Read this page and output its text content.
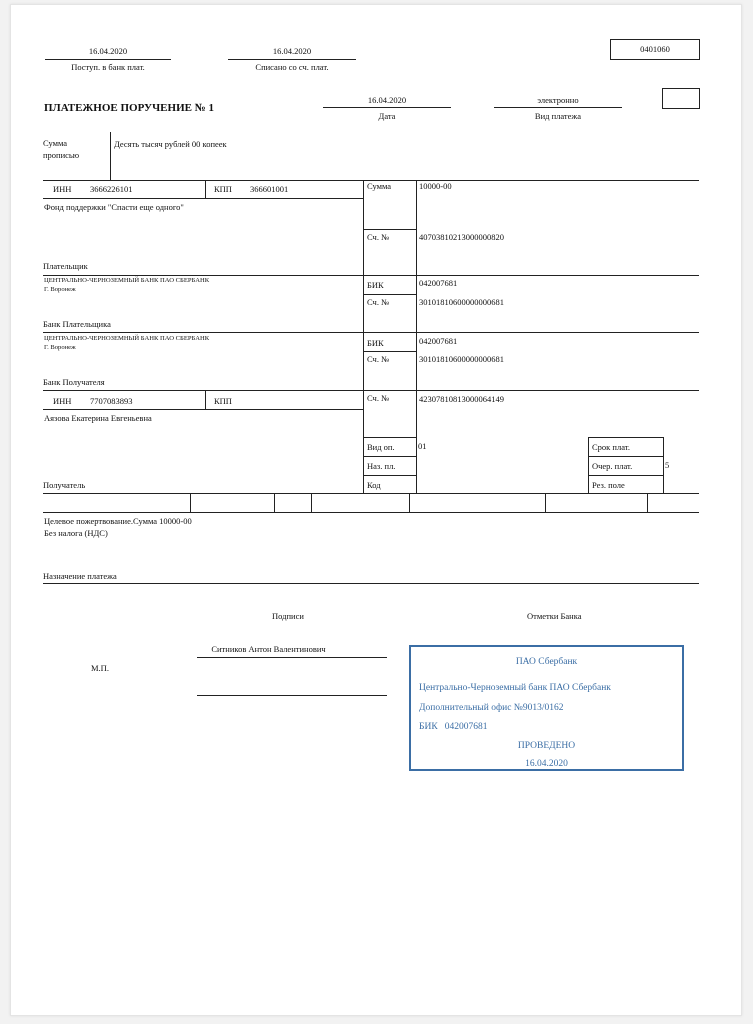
16.04.2020
Поступ. в банк плат.
16.04.2020
Списано со сч. плат.
0401060
ПЛАТЕЖНОЕ ПОРУЧЕНИЕ № 1
16.04.2020
Дата
электронно
Вид платежа
Сумма
прописью
Десять тысяч рублей 00 копеек
ИНН 3666226101	КПП 366601001
Фонд поддержки "Спасти еще одного"
Плательщик
Сумма	10000-00
Сч. №	40703810213000000820
ЦЕНТРАЛЬНО-ЧЕРНОЗЕМНЫЙ БАНК ПАО СБЕРБАНК
Г. Воронеж
Банк Плательщика
БИК	042007681
Сч. №	30101810600000000681
ЦЕНТРАЛЬНО-ЧЕРНОЗЕМНЫЙ БАНК ПАО СБЕРБАНК
Г. Воронеж
Банк Получателя
БИК	042007681
Сч. №	30101810600000000681
ИНН 7707083893	КПП
Аязова Екатерина Евгеньевна
Получатель
Сч. №	42307810813000064149
Вид оп.	01
Наз. пл.
Код
Срок плат.
Очер. плат.	5
Рез. поле
Целевое пожертвование.Сумма 10000-00
Без налога (НДС)
Назначение платежа
Подписи	Отметки Банка
Ситников Антон Валентинович
М.П.
ПАО Сбербанк
Центрально-Черноземный банк ПАО Сбербанк
Дополнительный офис №9013/0162
БИК   042007681
ПРОВЕДЕНО
16.04.2020
